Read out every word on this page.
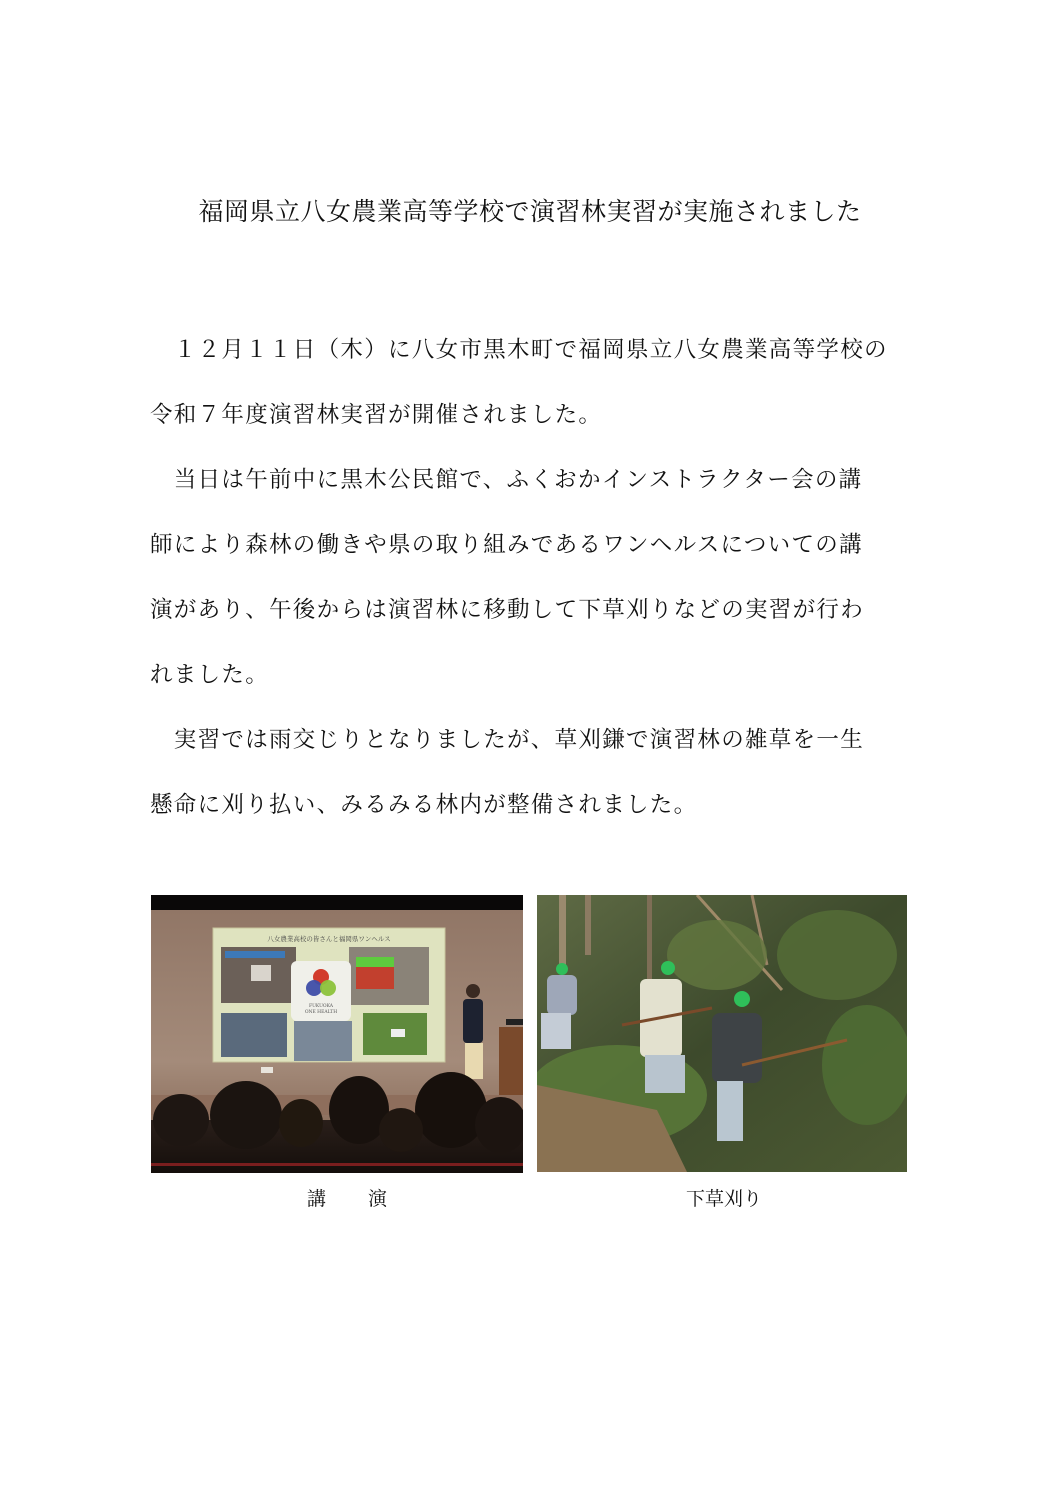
福岡県立八女農業高等学校で演習林実習が実施されました

　１２月１１日（木）に八女市黒木町で福岡県立八女農業高等学校の
令和７年度演習林実習が開催されました。

　当日は午前中に黒木公民館で、ふくおかインストラクター会の講
師により森林の働きや県の取り組みであるワンヘルスについての講
演があり、午後からは演習林に移動して下草刈りなどの実習が行わ
れました。

　実習では雨交じりとなりましたが、草刈鎌で演習林の雑草を一生
懸命に刈り払い、みるみる林内が整備されました。

八女農業高校の皆さんと福岡県ワンヘルス
FUKUOKA
ONE HEALTH
講 演	下草刈り
